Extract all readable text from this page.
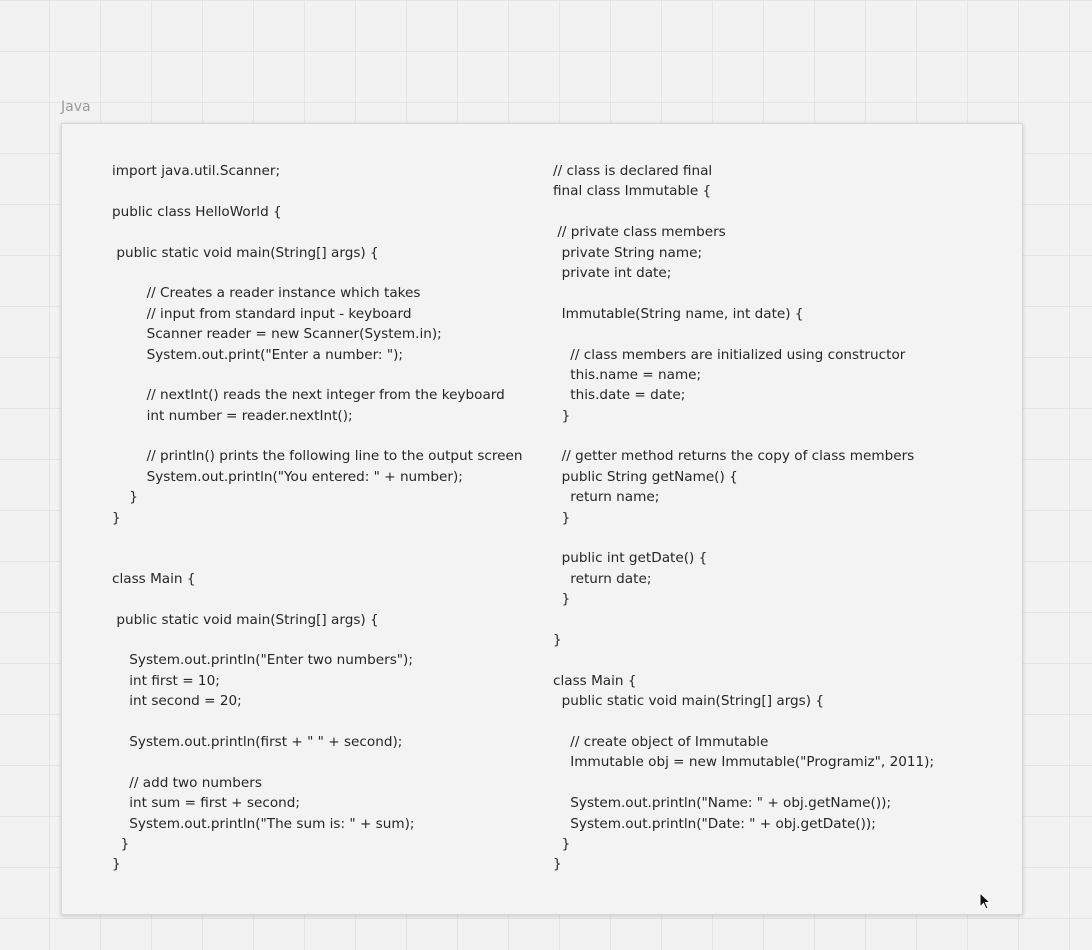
Java
import java.util.Scanner;

public class HelloWorld {

public static void main(String[] args) {

// Creates a reader instance which takes
// input from standard input - keyboard
Scanner reader = new Scanner(System.in);
System.out.print("Enter a number: ");

// nextInt() reads the next integer from the keyboard
int number = reader.nextInt();

// println() prints the following line to the output screen
System.out.println("You entered: " + number);
}
}

class Main {

public static void main(String[] args) {

System.out.println("Enter two numbers");
int first = 10;
int second = 20;

System.out.println(first + " " + second);

// add two numbers
int sum = first + second;
System.out.println("The sum is: " + sum);
}
}
// class is declared final
final class Immutable {

// private class members
private String name;
private int date;

Immutable(String name, int date) {

// class members are initialized using constructor
this.name = name;
this.date = date;
}

// getter method returns the copy of class members
public String getName() {
return name;
}

public int getDate() {
return date;
}

}

class Main {
public static void main(String[] args) {

// create object of Immutable
Immutable obj = new Immutable("Programiz", 2011);

System.out.println("Name: " + obj.getName());
System.out.println("Date: " + obj.getDate());
}
}
